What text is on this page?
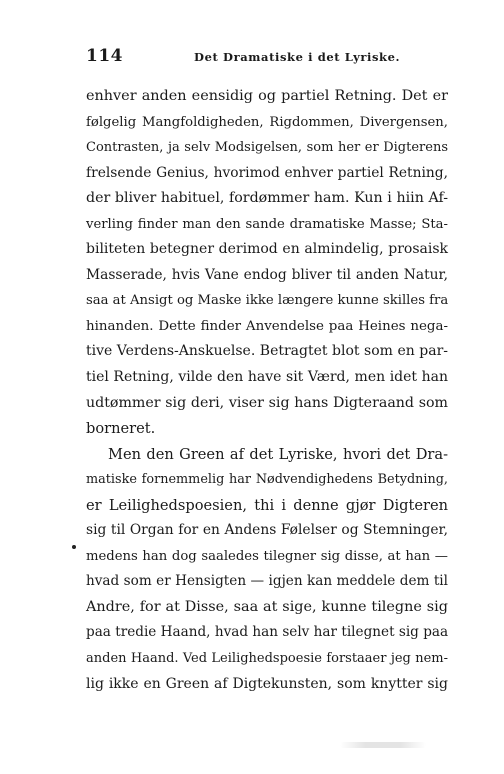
114	Det Dramatiske i det Lyriske.
enhver anden eensidig og partiel Retning. Det er
følgelig Mangfoldigheden, Rigdommen, Divergensen,
Contrasten, ja selv Modsigelsen, som her er Digterens
frelsende Genius, hvorimod enhver partiel Retning,
der bliver habituel, fordømmer ham. Kun i hiin Af-
verling finder man den sande dramatiske Masse; Sta-
biliteten betegner derimod en almindelig, prosaisk
Masserade, hvis Vane endog bliver til anden Natur,
saa at Ansigt og Maske ikke længere kunne skilles fra
hinanden. Dette finder Anvendelse paa Heines nega-
tive Verdens-Anskuelse. Betragtet blot som en par-
tiel Retning, vilde den have sit Værd, men idet han
udtømmer sig deri, viser sig hans Digteraand som
borneret.
Men den Green af det Lyriske, hvori det Dra-
matiske fornemmelig har Nødvendighedens Betydning,
er Leilighedspoesien, thi i denne gjør Digteren
sig til Organ for en Andens Følelser og Stemninger,
medens han dog saaledes tilegner sig disse, at han —
hvad som er Hensigten — igjen kan meddele dem til
Andre, for at Disse, saa at sige, kunne tilegne sig
paa tredie Haand, hvad han selv har tilegnet sig paa
anden Haand. Ved Leilighedspoesie forstaaer jeg nem-
lig ikke en Green af Digtekunsten, som knytter sig
